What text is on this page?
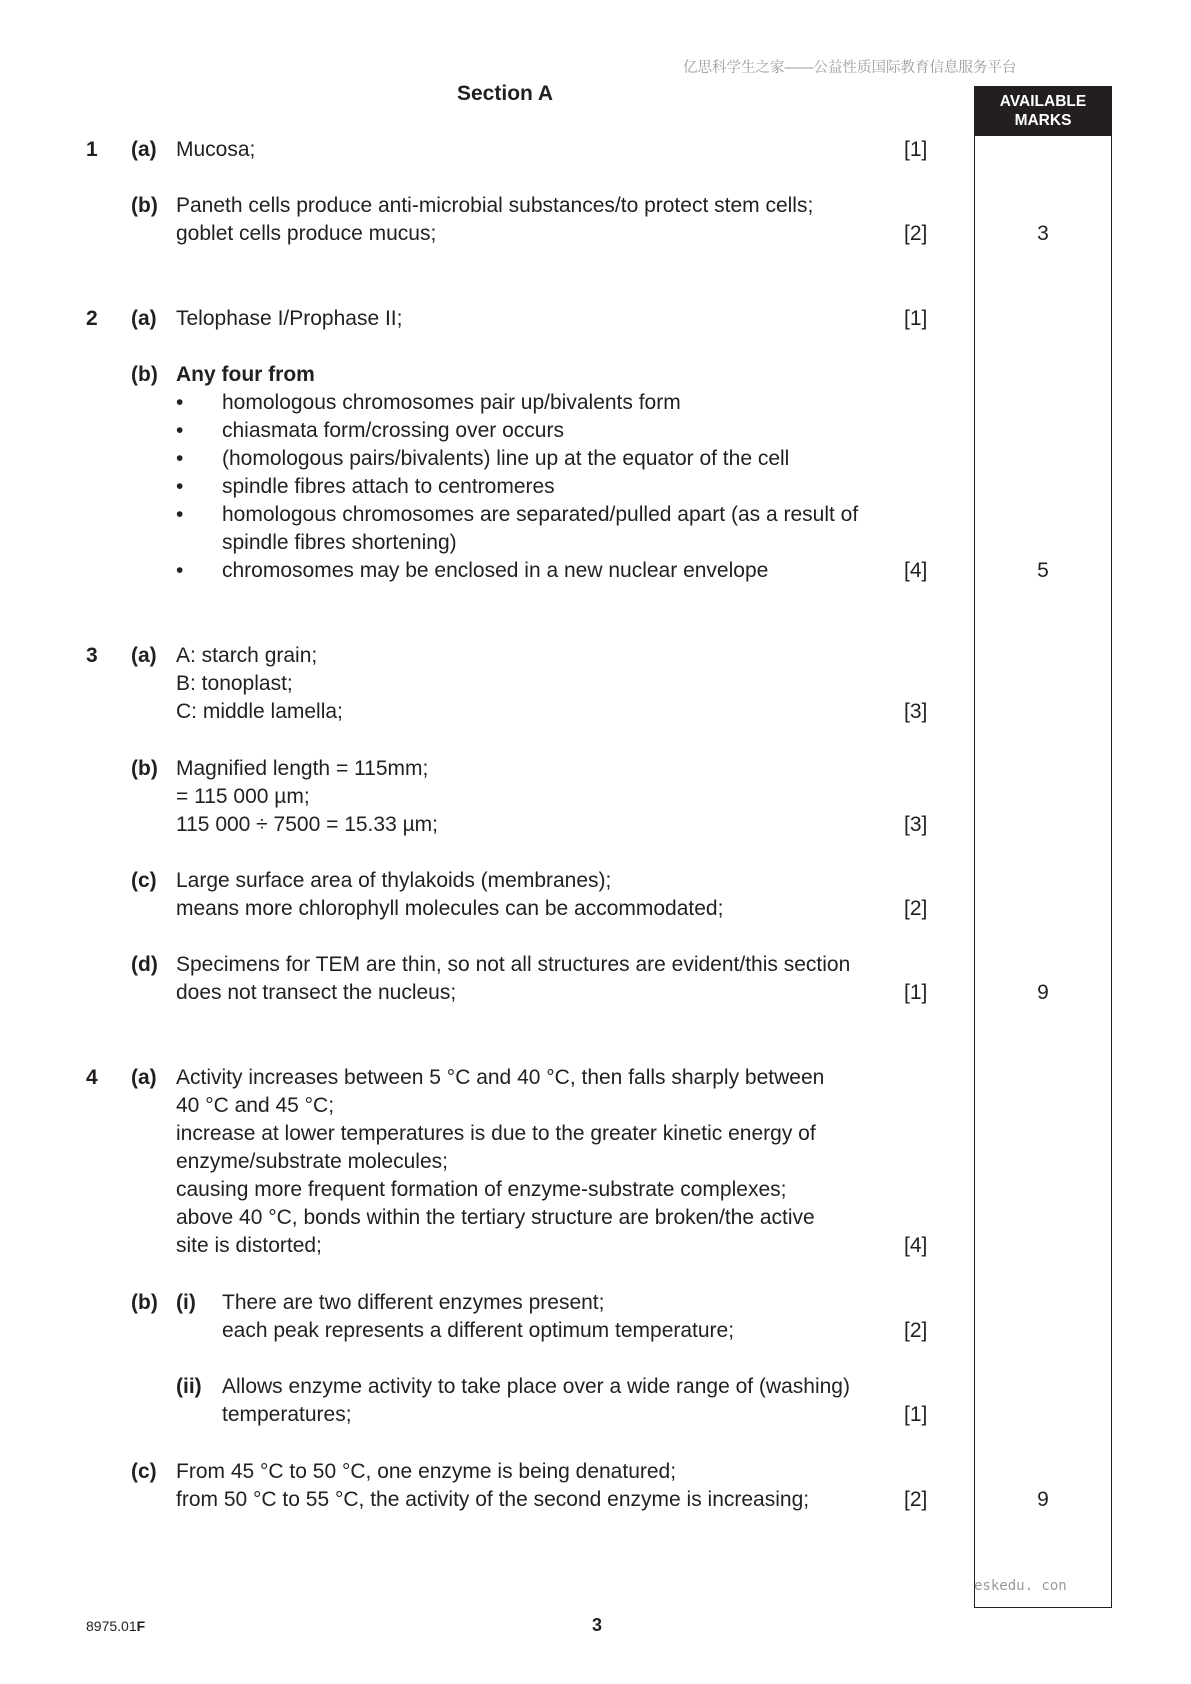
亿思科学生之家——公益性质国际教育信息服务平台
Section A	AVAILABLE
MARKS
1 (a) Mucosa;	[1]
(b) Paneth cells produce anti-microbial substances/to protect stem cells;
goblet cells produce mucus;	[2]	3
2 (a) Telophase I/Prophase II;	[1]
(b) Any four from
• homologous chromosomes pair up/bivalents form
• chiasmata form/crossing over occurs
• (homologous pairs/bivalents) line up at the equator of the cell
• spindle fibres attach to centromeres
• homologous chromosomes are separated/pulled apart (as a result of
spindle fibres shortening)
• chromosomes may be enclosed in a new nuclear envelope	[4]	5
3 (a) A: starch grain;
B: tonoplast;
C: middle lamella;	[3]
(b) Magnified length = 115mm;
= 115 000 µm;
115 000 ÷ 7500 = 15.33 µm;	[3]
(c) Large surface area of thylakoids (membranes);
means more chlorophyll molecules can be accommodated;	[2]
(d) Specimens for TEM are thin, so not all structures are evident/this section
does not transect the nucleus;	[1]	9
4 (a) Activity increases between 5 °C and 40 °C, then falls sharply between
40 °C and 45 °C;
increase at lower temperatures is due to the greater kinetic energy of
enzyme/substrate molecules;
causing more frequent formation of enzyme-substrate complexes;
above 40 °C, bonds within the tertiary structure are broken/the active
site is distorted;	[4]
(b) (i) There are two different enzymes present;
each peak represents a different optimum temperature;	[2]
(ii) Allows enzyme activity to take place over a wide range of (washing)
temperatures;	[1]
(c) From 45 °C to 50 °C, one enzyme is being denatured;
from 50 °C to 55 °C, the activity of the second enzyme is increasing;	[2]	9
eskedu. con
8975.01F	3
